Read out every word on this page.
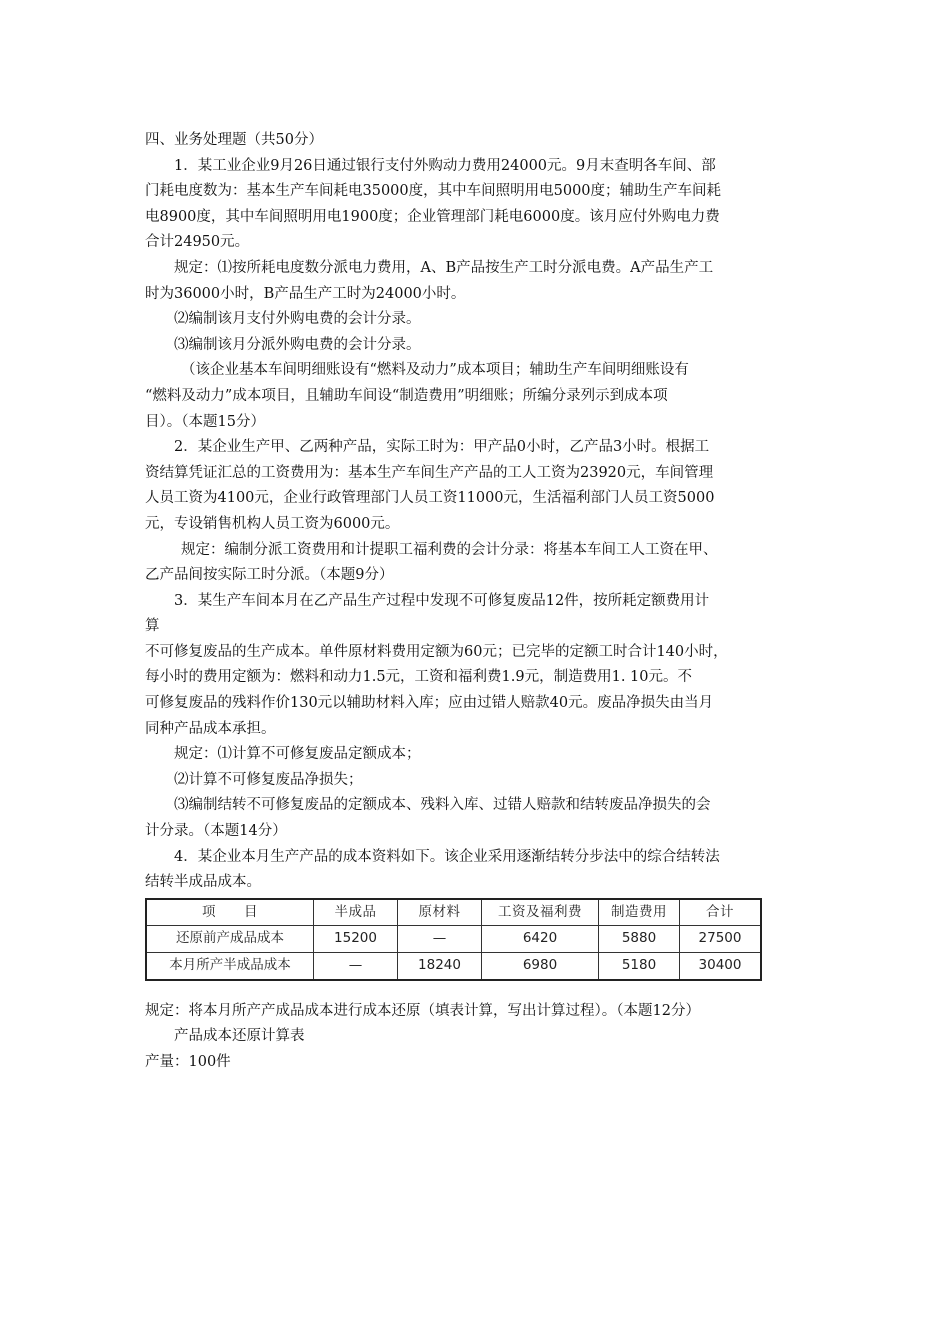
四、业务处理题（共50分）

1．某工业企业9月26日通过银行支付外购动力费用24000元。9月末查明各车间、部

门耗电度数为：基本生产车间耗电35000度，其中车间照明用电5000度；辅助生产车间耗

电8900度，其中车间照明用电1900度；企业管理部门耗电6000度。该月应付外购电力费

合计24950元。

规定：⑴按所耗电度数分派电力费用，A、B产品按生产工时分派电费。A产品生产工

时为36000小时，B产品生产工时为24000小时。

⑵编制该月支付外购电费的会计分录。

⑶编制该月分派外购电费的会计分录。

（该企业基本车间明细账设有“燃料及动力”成本项目；辅助生产车间明细账设有

“燃料及动力”成本项目，且辅助车间设“制造费用”明细账；所编分录列示到成本项

目）。（本题15分）

2．某企业生产甲、乙两种产品，实际工时为：甲产品0小时，乙产品3小时。根据工

资结算凭证汇总的工资费用为：基本生产车间生产产品的工人工资为23920元，车间管理

人员工资为4100元，企业行政管理部门人员工资11000元，生活福利部门人员工资5000

元，专设销售机构人员工资为6000元。

规定：编制分派工资费用和计提职工福利费的会计分录：将基本车间工人工资在甲、

乙产品间按实际工时分派。（本题9分）

3．某生产车间本月在乙产品生产过程中发现不可修复废品12件，按所耗定额费用计

算

不可修复废品的生产成本。单件原材料费用定额为60元；已完毕的定额工时合计140小时，

每小时的费用定额为：燃料和动力1.5元，工资和福利费1.9元，制造费用1. 10元。不

可修复废品的残料作价130元以辅助材料入库；应由过错人赔款40元。废品净损失由当月

同种产品成本承担。

规定：⑴计算不可修复废品定额成本；

⑵计算不可修复废品净损失；

⑶编制结转不可修复废品的定额成本、残料入库、过错人赔款和结转废品净损失的会

计分录。（本题14分）

4．某企业本月生产产品的成本资料如下。该企业采用逐渐结转分步法中的综合结转法

结转半成品成本。

项　　目	半成品	原材料	工资及福利费	制造费用	合计
还原前产成品成本	15200	—	6420	5880	27500
本月所产半成品成本	—	18240	6980	5180	30400

规定：将本月所产产成品成本进行成本还原（填表计算，写出计算过程）。（本题12分）

产品成本还原计算表

产量：100件
